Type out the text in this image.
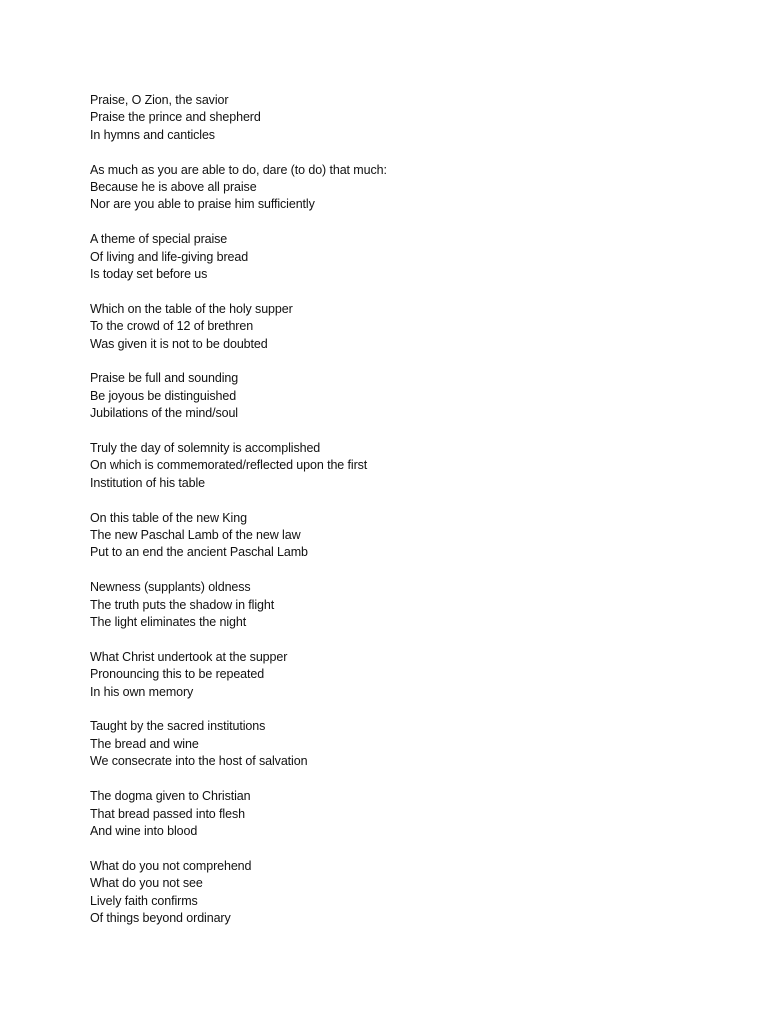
Praise, O Zion, the savior
Praise the prince and shepherd
In hymns and canticles
As much as you are able to do, dare (to do) that much:
Because he is above all praise
Nor are you able to praise him sufficiently
A theme of special praise
Of living and life-giving bread
Is today set before us
Which on the table of the holy supper
To the crowd of 12 of brethren
Was given it is not to be doubted
Praise be full and sounding
Be joyous be distinguished
Jubilations of the mind/soul
Truly the day of solemnity is accomplished
On which is commemorated/reflected upon the first
Institution of his table
On this table of the new King
The new Paschal Lamb of the new law
Put to an end the ancient Paschal Lamb
Newness (supplants) oldness
The truth puts the shadow in flight
The light eliminates the night
What Christ undertook at the supper
Pronouncing this to be repeated
In his own memory
Taught by the sacred institutions
The bread and wine
We consecrate into the host of salvation
The dogma given to Christian
That bread passed into flesh
And wine into blood
What do you not comprehend
What do you not see
Lively faith confirms
Of things beyond ordinary
